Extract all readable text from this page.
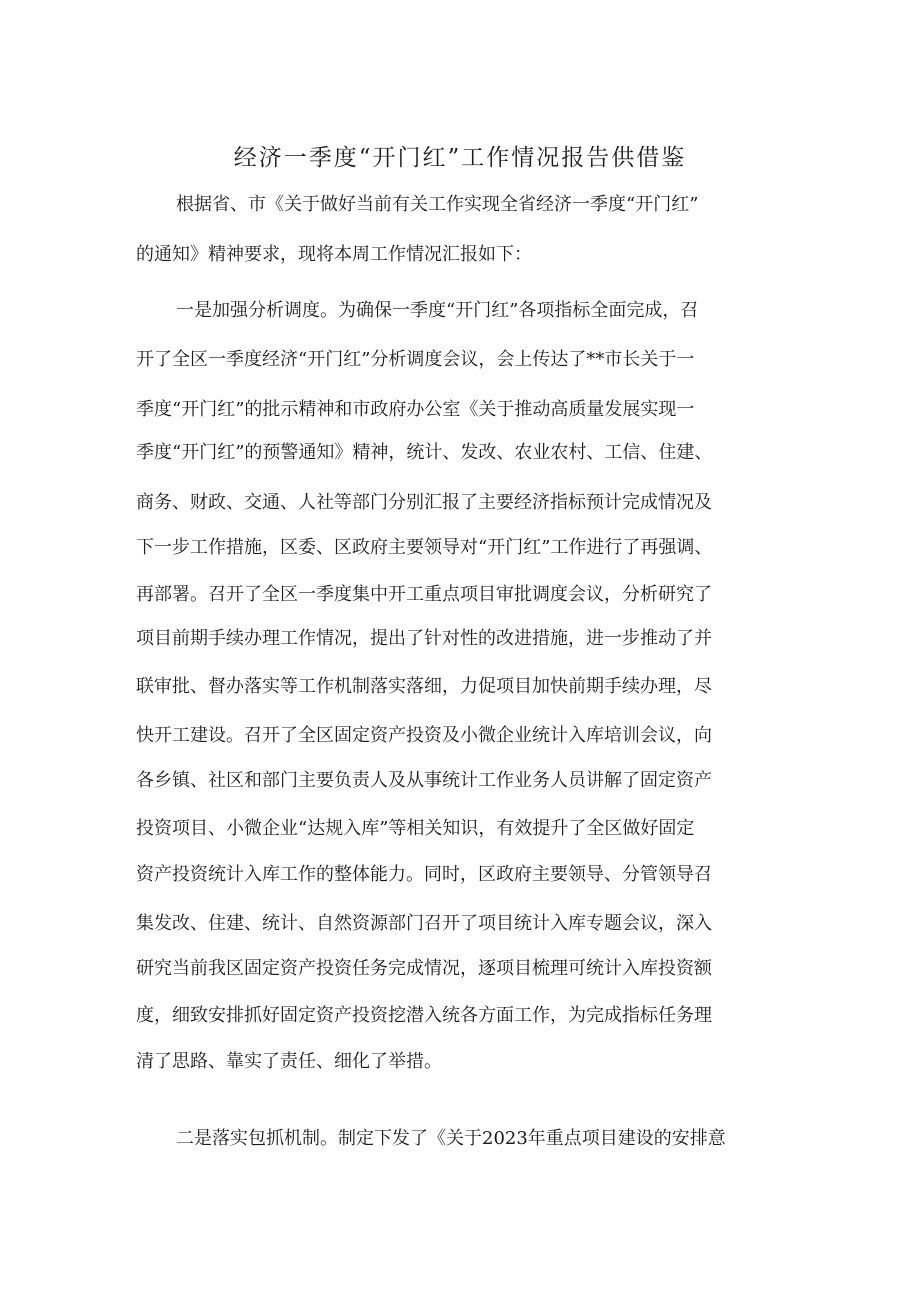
经济一季度“开门红”工作情况报告供借鉴
根据省、市《关于做好当前有关工作实现全省经济一季度“开门红”
的通知》精神要求，现将本周工作情况汇报如下：
一是加强分析调度。为确保一季度“开门红”各项指标全面完成，召
开了全区一季度经济“开门红”分析调度会议，会上传达了**市长关于一
季度“开门红”的批示精神和市政府办公室《关于推动高质量发展实现一
季度“开门红”的预警通知》精神，统计、发改、农业农村、工信、住建、
商务、财政、交通、人社等部门分别汇报了主要经济指标预计完成情况及
下一步工作措施，区委、区政府主要领导对“开门红”工作进行了再强调、
再部署。召开了全区一季度集中开工重点项目审批调度会议，分析研究了
项目前期手续办理工作情况，提出了针对性的改进措施，进一步推动了并
联审批、督办落实等工作机制落实落细，力促项目加快前期手续办理，尽
快开工建设。召开了全区固定资产投资及小微企业统计入库培训会议，向
各乡镇、社区和部门主要负责人及从事统计工作业务人员讲解了固定资产
投资项目、小微企业“达规入库”等相关知识，有效提升了全区做好固定
资产投资统计入库工作的整体能力。同时，区政府主要领导、分管领导召
集发改、住建、统计、自然资源部门召开了项目统计入库专题会议，深入
研究当前我区固定资产投资任务完成情况，逐项目梳理可统计入库投资额
度，细致安排抓好固定资产投资挖潜入统各方面工作，为完成指标任务理
清了思路、靠实了责任、细化了举措。
二是落实包抓机制。制定下发了《关于2023年重点项目建设的安排意
